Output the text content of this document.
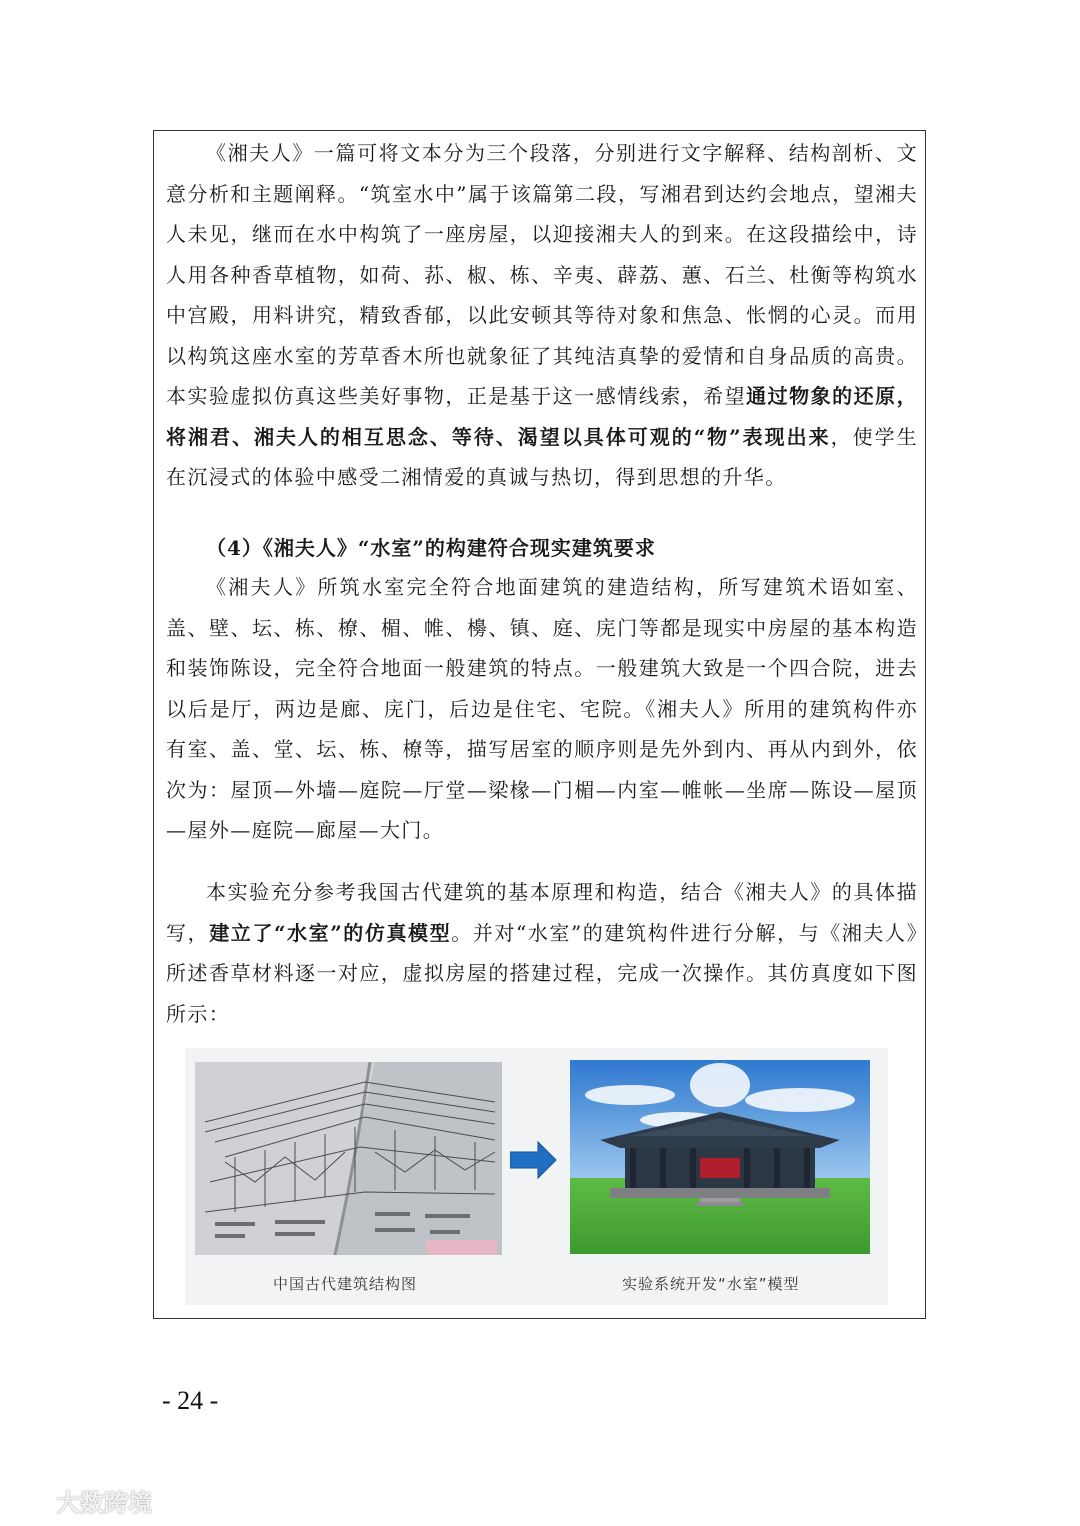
《湘夫人》一篇可将文本分为三个段落，分别进行文字解释、结构剖析、文意分析和主题阐释。“筑室水中”属于该篇第二段，写湘君到达约会地点，望湘夫人未见，继而在水中构筑了一座房屋，以迎接湘夫人的到来。在这段描绘中，诗人用各种香草植物，如荷、荪、椒、栋、辛夷、薜荔、蕙、石兰、杜衡等构筑水中宫殿，用料讲究，精致香郁，以此安顿其等待对象和焦急、怅惘的心灵。而用以构筑这座水室的芳草香木所也就象征了其纯洁真挚的爱情和自身品质的高贵。本实验虚拟仿真这些美好事物，正是基于这一感情线索，希望通过物象的还原，将湘君、湘夫人的相互思念、等待、渴望以具体可观的“物”表现出来，使学生在沉浸式的体验中感受二湘情爱的真诚与热切，得到思想的升华。

（4）《湘夫人》“水室”的构建符合现实建筑要求

《湘夫人》所筑水室完全符合地面建筑的建造结构，所写建筑术语如室、盖、壁、坛、栋、橑、楣、帷、櫋、镇、庭、庑门等都是现实中房屋的基本构造和装饰陈设，完全符合地面一般建筑的特点。一般建筑大致是一个四合院，进去以后是厅，两边是廊、庑门，后边是住宅、宅院。《湘夫人》所用的建筑构件亦有室、盖、堂、坛、栋、橑等，描写居室的顺序则是先外到内、再从内到外，依次为：屋顶—外墙—庭院—厅堂—梁椽—门楣—内室—帷帐—坐席—陈设—屋顶—屋外—庭院—廊屋—大门。

本实验充分参考我国古代建筑的基本原理和构造，结合《湘夫人》的具体描写，建立了“水室”的仿真模型。并对“水室”的建筑构件进行分解，与《湘夫人》所述香草材料逐一对应，虚拟房屋的搭建过程，完成一次操作。其仿真度如下图所示：

中国古代建筑结构图	实验系统开发“水室”模型
- 24 -
大数跨境
